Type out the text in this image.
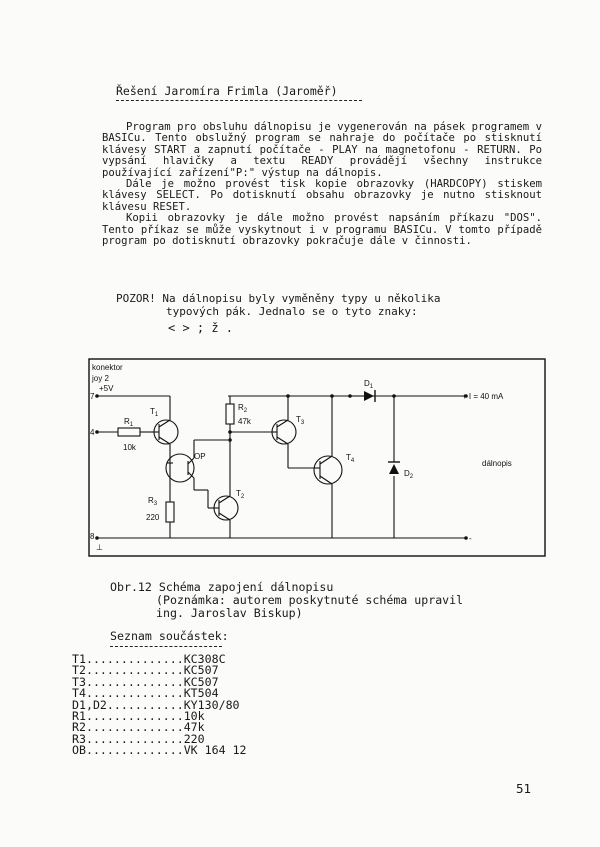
Řešení Jaromíra Frimla (Jaroměř)

Program pro obsluhu dálnopisu je vygenerován na pásek programem v BASICu. Tento obslužný program se nahraje do počítače po stisknutí klávesy START a zapnutí počítače - PLAY na magnetofonu - RETURN. Po vypsání hlavičky a textu READY provádějí všechny instrukce používající zařízení"P:" výstup na dálnopis.

Dále je možno provést tisk kopie obrazovky (HARDCOPY) stiskem klávesy SELECT. Po dotisknutí obsahu obrazovky je nutno stisknout klávesu RESET.

Kopii obrazovky je dále možno provést napsáním příkazu "DOS". Tento příkaz se může vyskytnout i v programu BASICu. V tomto případě program po dotisknutí obrazovky pokračuje dále v činnosti.

POZOR! Na dálnopisu byly vyměněny typy u několika
typových pák. Jednalo se o tyto znaky:
< > ; ž .
konektor
joy 2
7
+5V
4
8
⊥
$R_1$
10k
$T_1$
OP
$R_3$
220
$R_2$
47k
$T_2$
$T_3$
$T_4$
$D_1$
$D_2$
+ I = 40 mA
dálnopis
-
Obr.12 Schéma zapojení dálnopisu
(Poznámka: autorem poskytnuté schéma upravil
ing. Jaroslav Biskup)
Seznam součástek:
T1..............KC308C
T2..............KC507
T3..............KC507
T4..............KT504
D1,D2...........KY130/80
R1..............10k
R2..............47k
R3..............220
OB..............VK 164 12
51
